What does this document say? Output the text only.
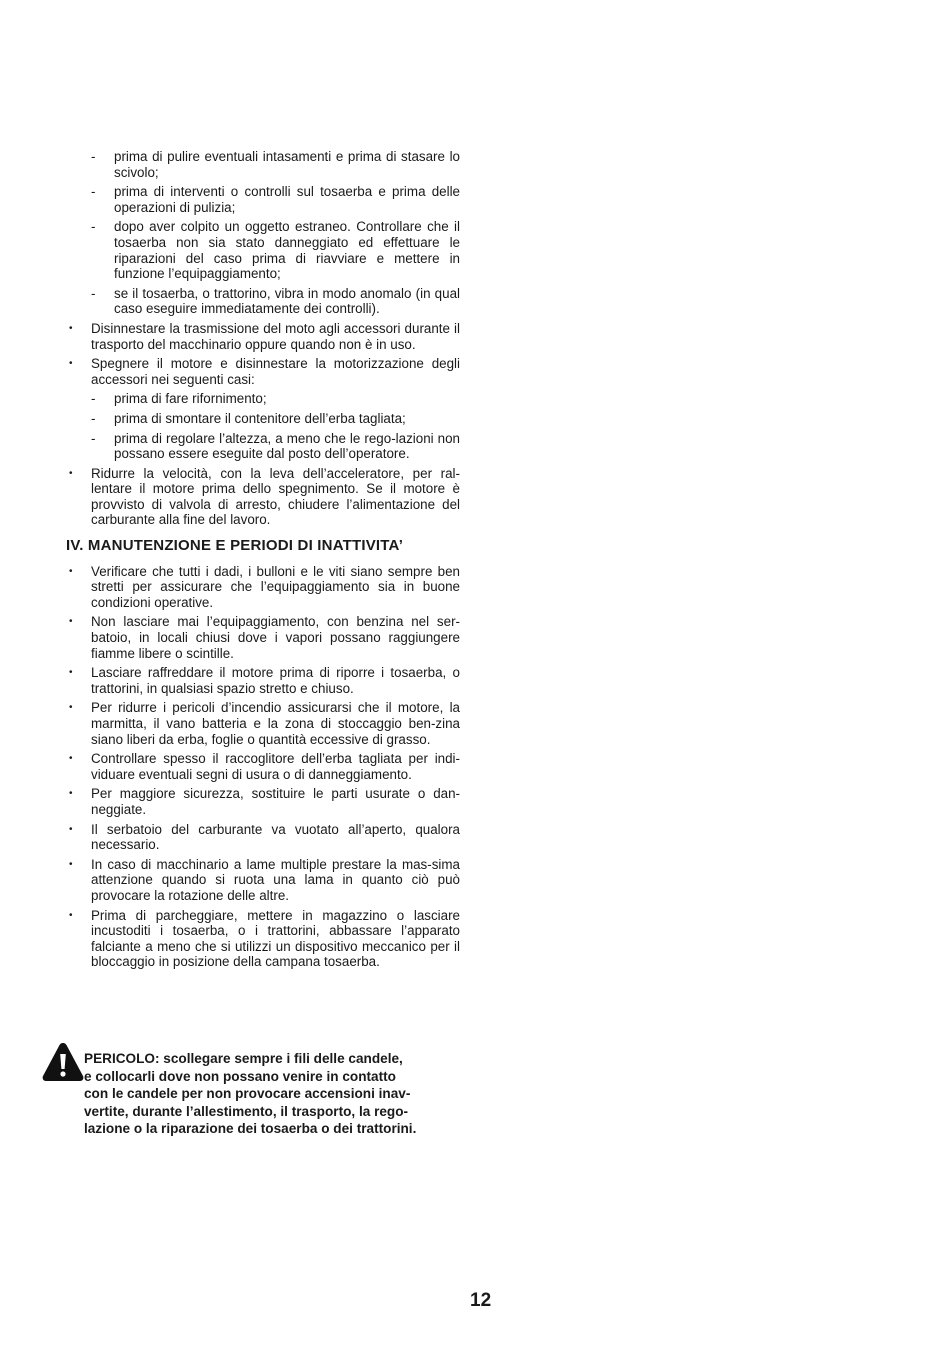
- prima di pulire eventuali intasamenti e prima di stasare lo scivolo;
- prima di interventi o controlli sul tosaerba e prima delle operazioni di pulizia;
- dopo aver colpito un oggetto estraneo. Controllare che il tosaerba non sia stato danneggiato ed effettuare le riparazioni del caso prima di riavviare e mettere in funzione l’equipaggiamento;
- se il tosaerba, o trattorino, vibra in modo anomalo (in qual caso eseguire immediatamente dei controlli).
• Disinnestare la trasmissione del moto agli accessori durante il trasporto del macchinario oppure quando non è in uso.
• Spegnere il motore e disinnestare la motorizzazione degli accessori nei seguenti casi:
- prima di fare rifornimento;
- prima di smontare il contenitore dell’erba tagliata;
- prima di regolare l’altezza, a meno che le rego-lazioni non possano essere eseguite dal posto dell’operatore.
• Ridurre la velocità, con la leva dell’acceleratore, per ral-lentare il motore prima dello spegnimento. Se il motore è provvisto di valvola di arresto, chiudere l’alimentazione del carburante alla fine del lavoro.
IV. MANUTENZIONE E PERIODI DI INATTIVITA’
• Verificare che tutti i dadi, i bulloni e le viti siano sempre ben stretti per assicurare che l’equipaggiamento sia in buone condizioni operative.
• Non lasciare mai l’equipaggiamento, con benzina nel ser-batoio, in locali chiusi dove i vapori possano raggiungere fiamme libere o scintille.
• Lasciare raffreddare il motore prima di riporre i tosaerba, o trattorini, in qualsiasi spazio stretto e chiuso.
• Per ridurre i pericoli d’incendio assicurarsi che il motore, la marmitta, il vano batteria e la zona di stoccaggio ben-zina siano liberi da erba, foglie o quantità eccessive di grasso.
• Controllare spesso il raccoglitore dell’erba tagliata per indi-viduare eventuali segni di usura o di danneggiamento.
• Per maggiore sicurezza, sostituire le parti usurate o dan-neggiate.
• Il serbatoio del carburante va vuotato all’aperto, qualora necessario.
• In caso di macchinario a lame multiple prestare la mas-sima attenzione quando si ruota una lama in quanto ciò può provocare la rotazione delle altre.
• Prima di parcheggiare, mettere in magazzino o lasciare incustoditi i tosaerba, o i trattorini, abbassare l’apparato falciante a meno che si utilizzi un dispositivo meccanico per il bloccaggio in posizione della campana tosaerba.
PERICOLO: scollegare sempre i fili delle candele,
e collocarli dove non possano venire in contatto
con le candele per non provocare accensioni inav-
vertite, durante l’allestimento, il trasporto, la rego-
lazione o la riparazione dei tosaerba o dei trattorini.
12
